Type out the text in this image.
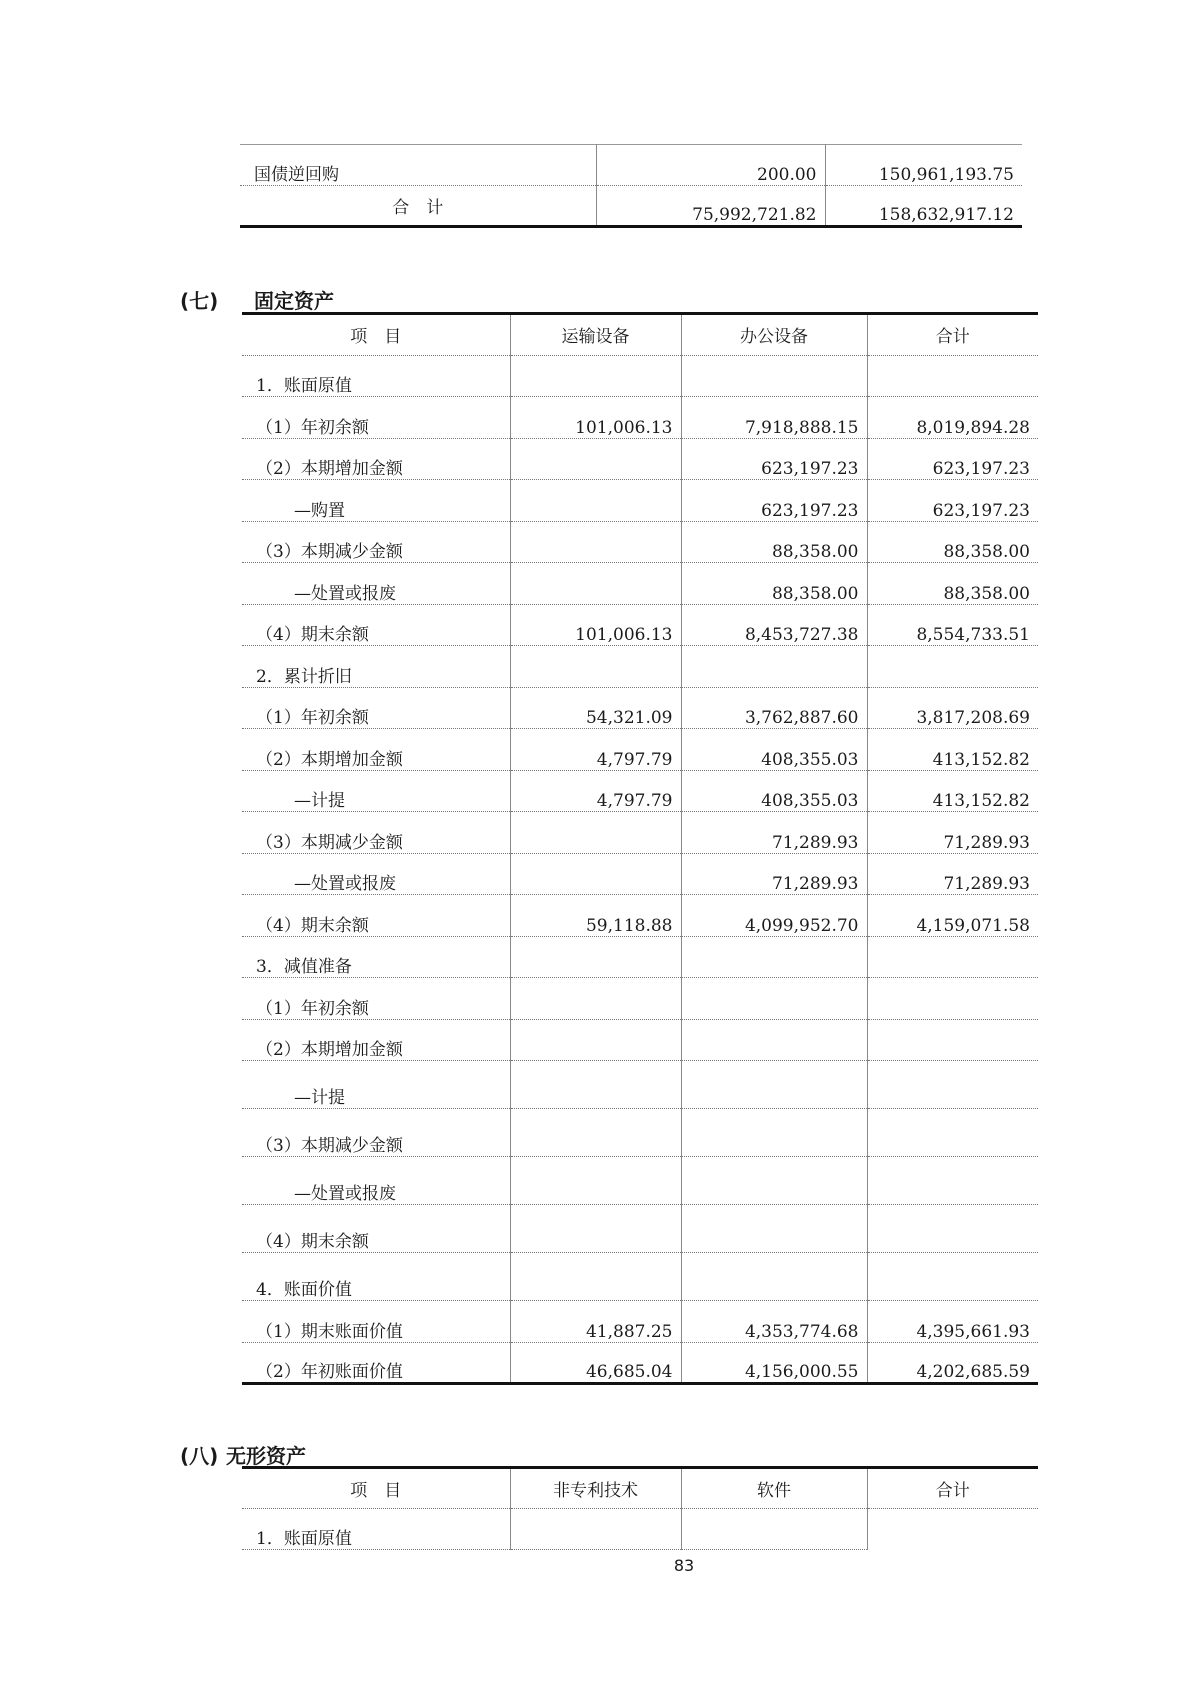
国债逆回购	200.00	150,961,193.75
合　计	75,992,721.82	158,632,917.12
(七) 固定资产
项　目	运输设备	办公设备	合计
1．账面原值			
（1）年初余额	101,006.13	7,918,888.15	8,019,894.28
（2）本期增加金额		623,197.23	623,197.23
—购置		623,197.23	623,197.23
（3）本期减少金额		88,358.00	88,358.00
—处置或报废		88,358.00	88,358.00
（4）期末余额	101,006.13	8,453,727.38	8,554,733.51
2．累计折旧			
（1）年初余额	54,321.09	3,762,887.60	3,817,208.69
（2）本期增加金额	4,797.79	408,355.03	413,152.82
—计提	4,797.79	408,355.03	413,152.82
（3）本期减少金额		71,289.93	71,289.93
—处置或报废		71,289.93	71,289.93
（4）期末余额	59,118.88	4,099,952.70	4,159,071.58
3．减值准备			
（1）年初余额			
（2）本期增加金额			
—计提			
（3）本期减少金额			
—处置或报废			
（4）期末余额			
4．账面价值			
（1）期末账面价值	41,887.25	4,353,774.68	4,395,661.93
（2）年初账面价值	46,685.04	4,156,000.55	4,202,685.59
(八) 无形资产
项　目	非专利技术	软件	合计
1．账面原值			
83
